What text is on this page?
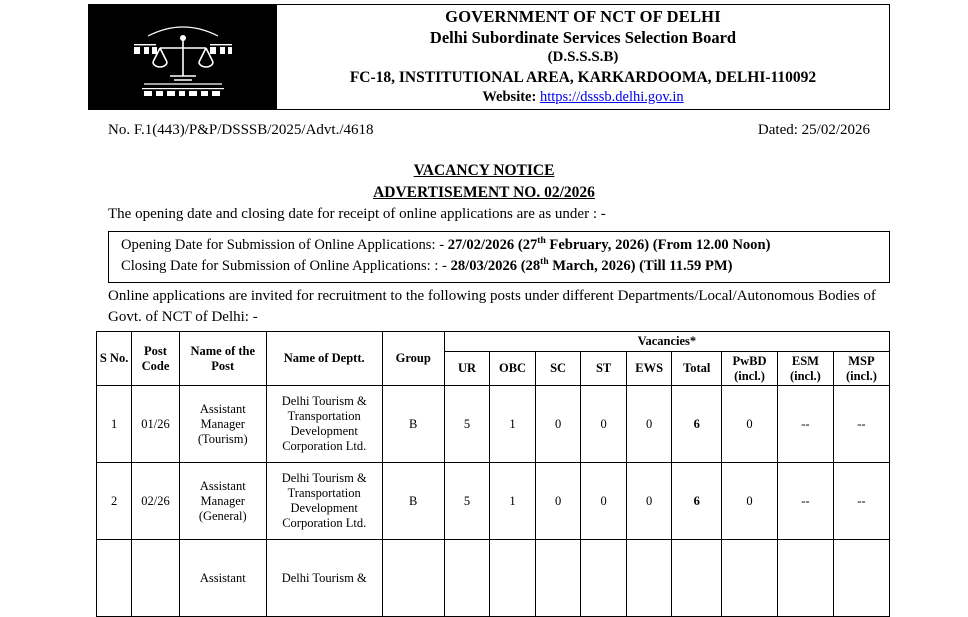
GOVERNMENT OF NCT OF DELHI
Delhi Subordinate Services Selection Board
(D.S.S.S.B)
FC-18, INSTITUTIONAL AREA, KARKARDOOMA, DELHI-110092
Website: https://dsssb.delhi.gov.in
No. F.1(443)/P&P/DSSSB/2025/Advt./4618	Dated: 25/02/2026
VACANCY NOTICE
ADVERTISEMENT NO. 02/2026
The opening date and closing date for receipt of online applications are as under : -
Opening Date for Submission of Online Applications: - 27/02/2026 (27th February, 2026) (From 12.00 Noon)
Closing Date for Submission of Online Applications: : - 28/03/2026 (28th March, 2026) (Till 11.59 PM)
Online applications are invited for recruitment to the following posts under different Departments/Local/Autonomous Bodies of Govt. of NCT of Delhi: -
S No.	Post Code	Name of the Post	Name of Deptt.	Group	Vacancies*								
					UR	OBC	SC	ST	EWS	Total	PwBD (incl.)	ESM (incl.)	MSP (incl.)
1	01/26	Assistant Manager (Tourism)	Delhi Tourism & Transportation Development Corporation Ltd.	B	5	1	0	0	0	6	0	--	--
2	02/26	Assistant Manager (General)	Delhi Tourism & Transportation Development Corporation Ltd.	B	5	1	0	0	0	6	0	--	--
		Assistant	Delhi Tourism &										
